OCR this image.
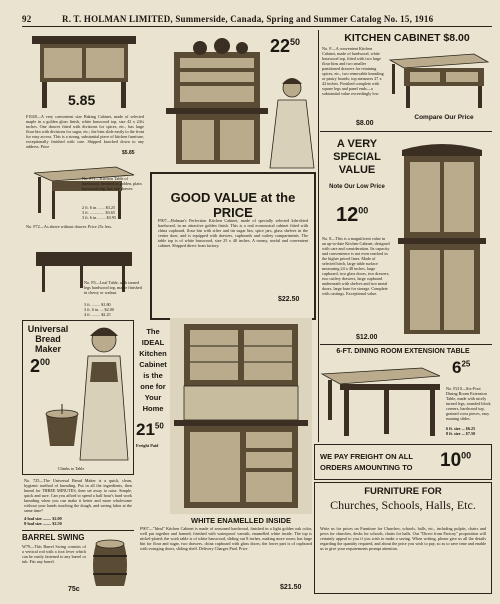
92	R. T. HOLMAN LIMITED, Summerside, Canada, Spring and Summer Catalog No. 15, 1916
5.85
F1028—A very convenient size Baking Cabinet, made of selected maple in a golden gloss finish, white basswood top, size 42 x 24¼ inches. One drawer fitted with divisions for spices, etc., has large flour bin with divisions for sugar, etc.; the bins slide easily to the front for easy access. This is a strong, substantial piece of kitchen furniture, exceptionally finished with care. Shipped knocked down to any address. Price
$5.85
No. F71—Kitchen Table of hardwood, finished in golden, plain basswood top, has one drawer.
2 ft. 6 in. ...... $3.25
3 ft. .............. $3.65
3 ft. 6 in. ....... $3.95
No. F72—As above without drawer. Price 25c less.
No. F3—Leaf Table, with turned legs hardwood top, maple finished in cherry or walnut.
3 ft. ........ $1.80
3 ft. 6 in. ... $2.00
4 ft. ........ $2.25
Universal
Bread
Maker
$2^{00}$
Climbs to Table
No. 725—The Universal Bread Maker is a quick, clean, hygienic method of kneading. Put in all the ingredients, then knead for THREE MINUTES, then set away to raise. Simple, quick and sure. Can you afford to spend a half hour's hard work kneading when you can make it better and more wholesome without your hands touching the dough, and saving labor at the same time?
4-loaf size ........ $2.00
8-loaf size ........ $2.50
BARREL SWING
W79—This Barrel Swing consists of a vertical rod with a foot lever which can be easily fastened to any barrel or tub. Fits any barrel.
75c
$22^{50}$
GOOD VALUE at the PRICE
F907—Holman's Perfection Kitchen Cabinet, made of specially selected kiln-dried hardwood, in an attractive golden finish. This is a real economical cabinet fitted with china cupboard, flour bin with sifter and tin sugar bin, spice jars, glass shelves in the center door, and is equipped with drawers, cupboards and cutlery compartments. The table top is of white basswood, size 25 x 40 inches. A roomy, useful and convenient cabinet. Shipped direct from factory.
$22.50
The
IDEAL
Kitchen
Cabinet
is the
one for
Your
Home
$21^{50}$
Freight Paid
WHITE ENAMELLED INSIDE
F907—"Ideal" Kitchen Cabinet is made of seasoned hardwood, finished in a light golden oak color, well put together and framed; finished with waterproof varnish, enamelled white inside. The top is nickel-plated; the work table is of white basswood, sliding out 8 inches, making more room; has large bin for flour and sugar, two drawers, china cupboard with glass doors; the lower part is of cupboard with swinging doors, sliding shelf. Delivery Charges Paid. Price
$21.50
KITCHEN CABINET $8.00
No. F—A convenient Kitchen Cabinet, made of hardwood, white basswood top, fitted with two large flour bins and two smaller partitioned drawers for retaining spices, etc., two removable kneading or pastry boards; top measures 27 x 42 inches. Finished complete with square legs and panel ends—a substantial value exceedingly low
$8.00
Compare Our Price
A VERY
SPECIAL
VALUE
Note Our Low Price
$12^{00}$
No. 8—This is a magnificent value in an up-to-date Kitchen Cabinet, designed with care and consideration. Its capacity and convenience is not even reached in the higher priced lines. Made of selected birch, large table surface measuring 24 x 48 inches, large cupboard, two glass doors, two drawers, two cutlery drawers, large cupboard underneath with shelves and two metal doors, large base for storage. Complete with castings. Exceptional value.
$12.00
6-FT. DINING ROOM EXTENSION TABLE
$6^{25}$
No. F210—Six-Foot Dining Room Extension Table, made with nicely turned legs, rounded block corners, hardwood top, grained cross pieces, easy running slides.
6 ft. size ... $6.25
8 ft. size ... $7.50
WE PAY FREIGHT ON ALL ORDERS AMOUNTING TO	$10^{00}$
FURNITURE FOR
Churches, Schools, Halls, Etc.
Write us for prices on Furniture for Churches, schools, halls, etc., including pulpits, chairs and pews for churches, desks for schools, chairs for halls. Our "Direct from Factory" proposition will certainly appeal to you if you wish to make a saving. When writing, please give us all the details regarding the quantity required, and about the price you wish to pay, so as to save time and enable us to give your requirements prompt attention.
